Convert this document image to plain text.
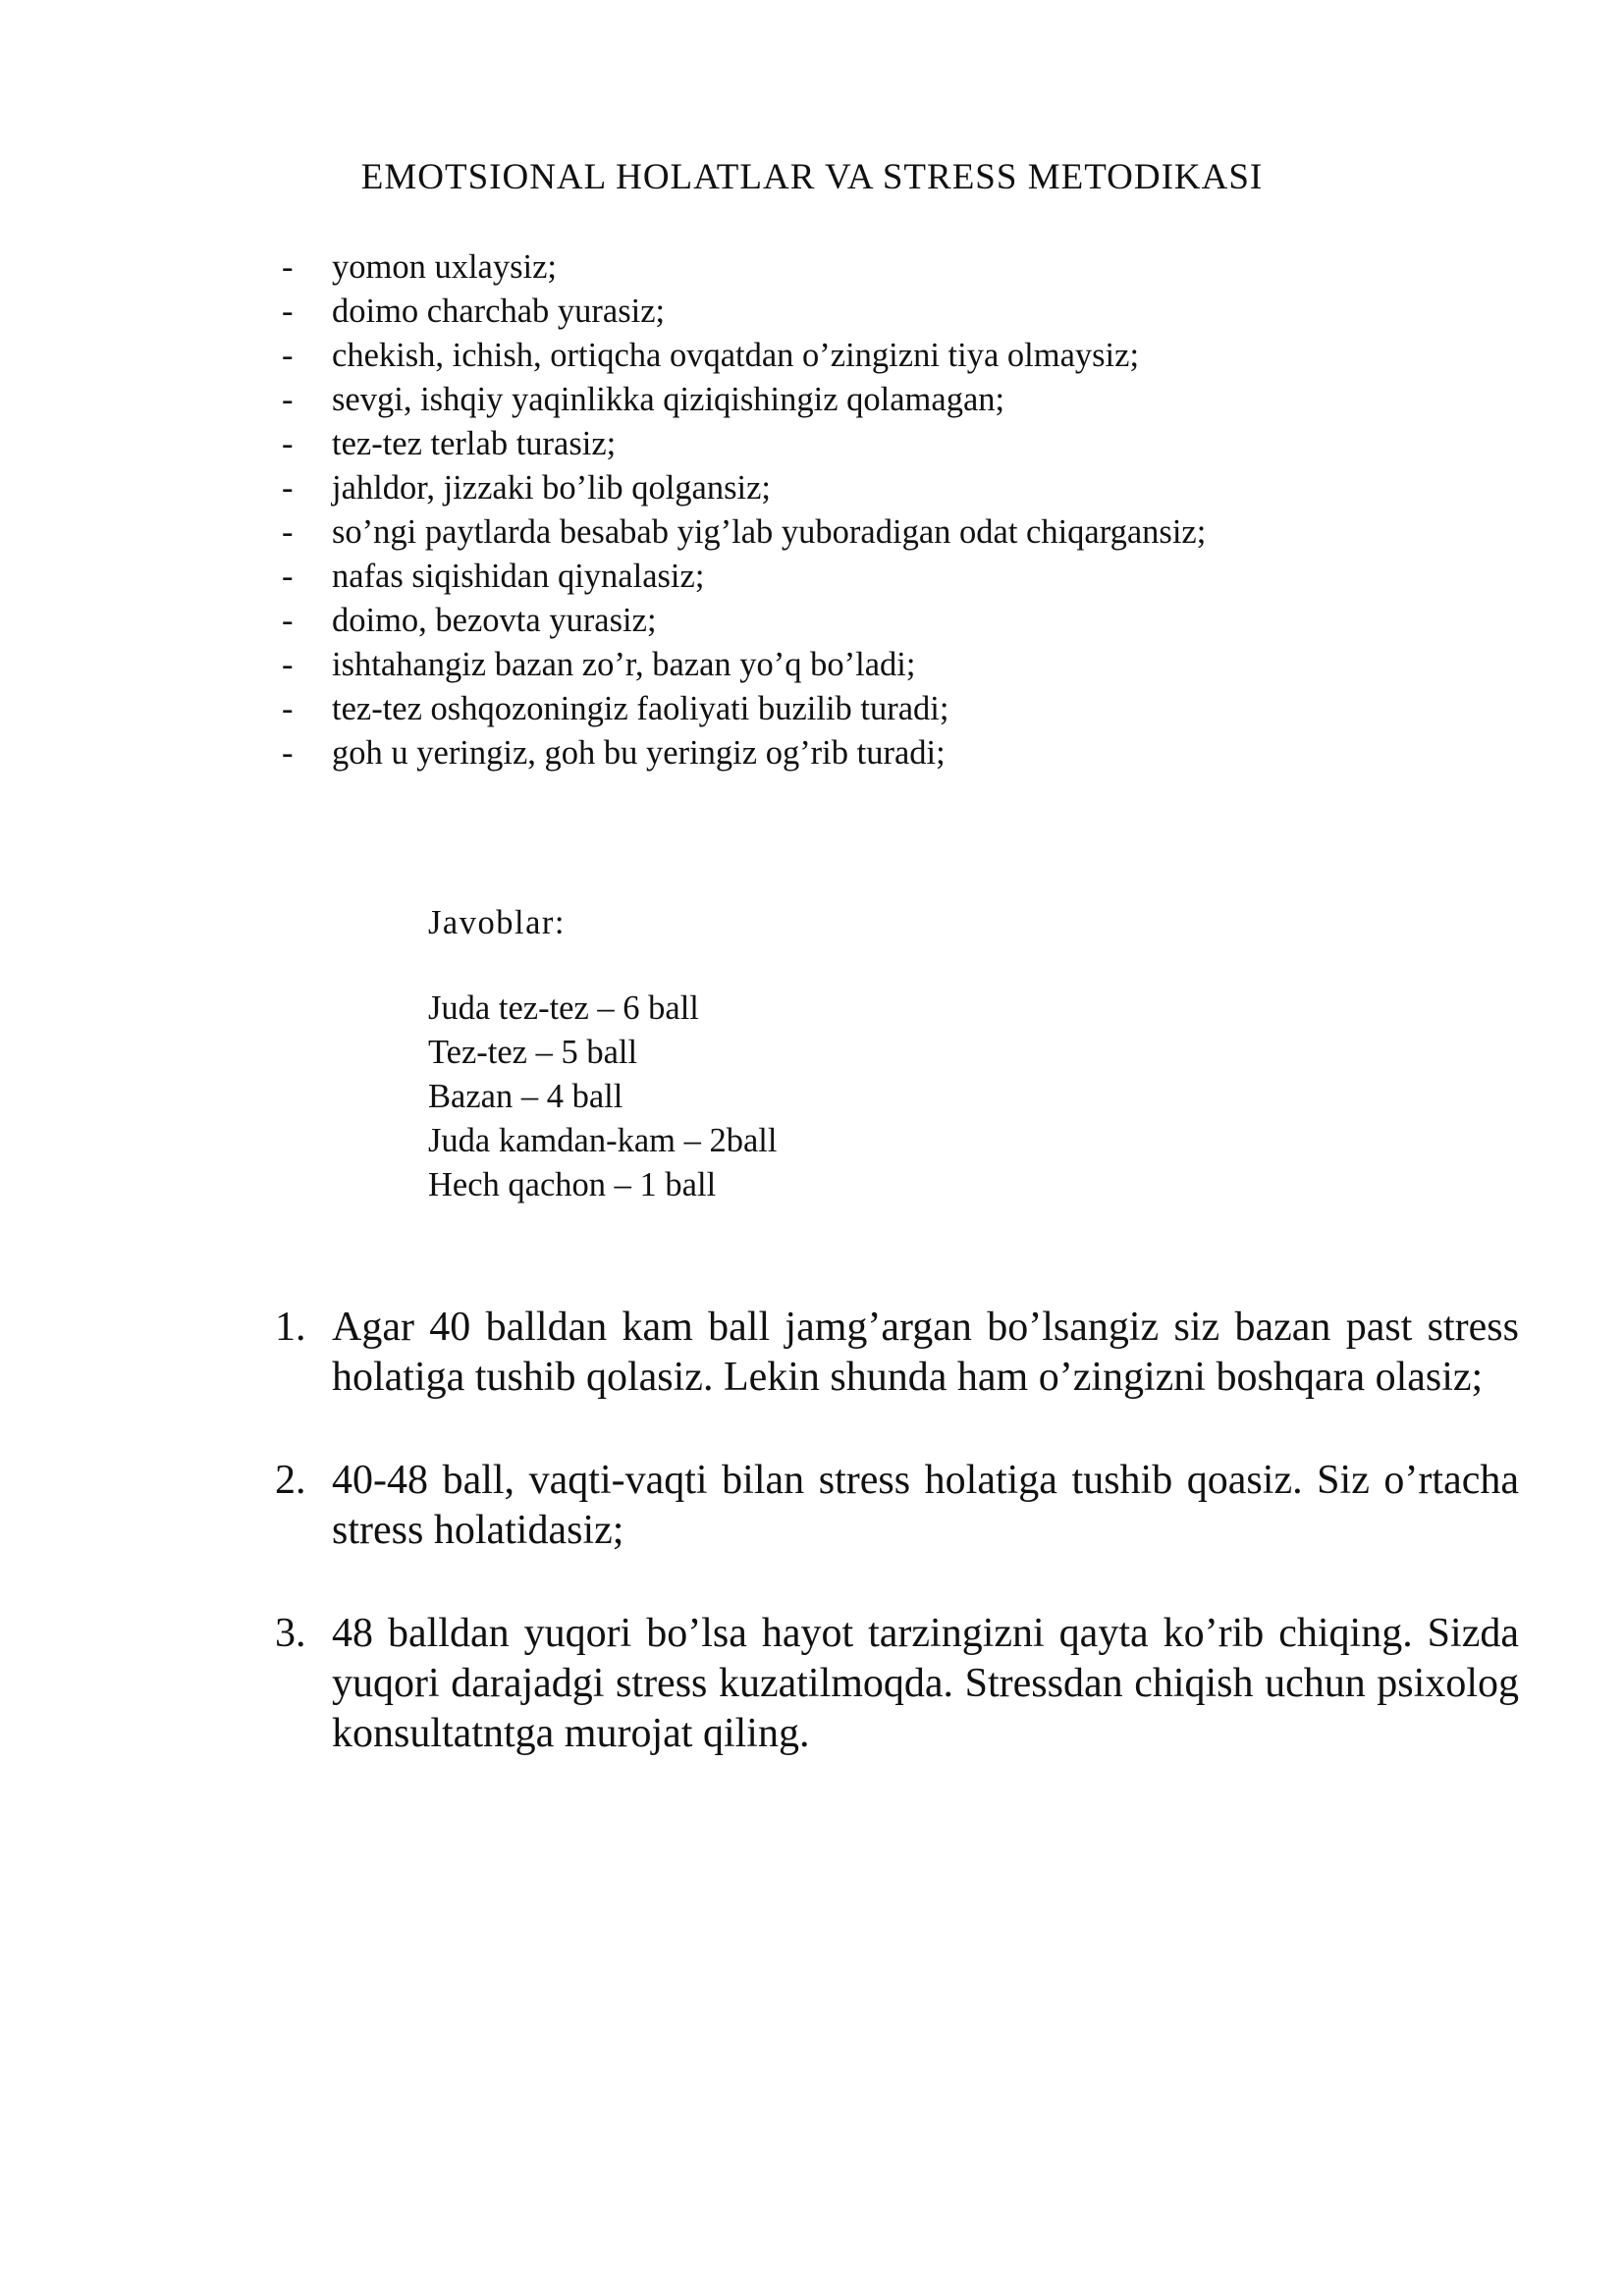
EMOTSIONAL HOLATLAR VA STRESS METODIKASI
- yomon uxlaysiz;
- doimo charchab yurasiz;
- chekish, ichish, ortiqcha ovqatdan o’zingizni tiya olmaysiz;
- sevgi, ishqiy yaqinlikka qiziqishingiz qolamagan;
- tez-tez terlab turasiz;
- jahldor, jizzaki bo’lib qolgansiz;
- so’ngi paytlarda besabab yig’lab yuboradigan odat chiqargansiz;
- nafas siqishidan qiynalasiz;
- doimo, bezovta yurasiz;
- ishtahangiz bazan zo’r, bazan yo’q bo’ladi;
- tez-tez oshqozoningiz faoliyati buzilib turadi;
- goh u yeringiz, goh bu yeringiz og’rib turadi;

Javoblar:

Juda tez-tez – 6 ball
Tez-tez – 5 ball
Bazan – 4 ball
Juda kamdan-kam – 2ball
Hech qachon – 1 ball
1. Agar 40 balldan kam ball jamg’argan bo’lsangiz siz bazan past stress holatiga tushib qolasiz. Lekin shunda ham o’zingizni boshqara olasiz;
2. 40-48 ball, vaqti-vaqti bilan stress holatiga tushib qoasiz. Siz o’rtacha stress holatidasiz;
3. 48 balldan yuqori bo’lsa hayot tarzingizni qayta ko’rib chiqing. Sizda yuqori darajadgi stress kuzatilmoqda. Stressdan chiqish uchun psixolog konsultatntga murojat qiling.
